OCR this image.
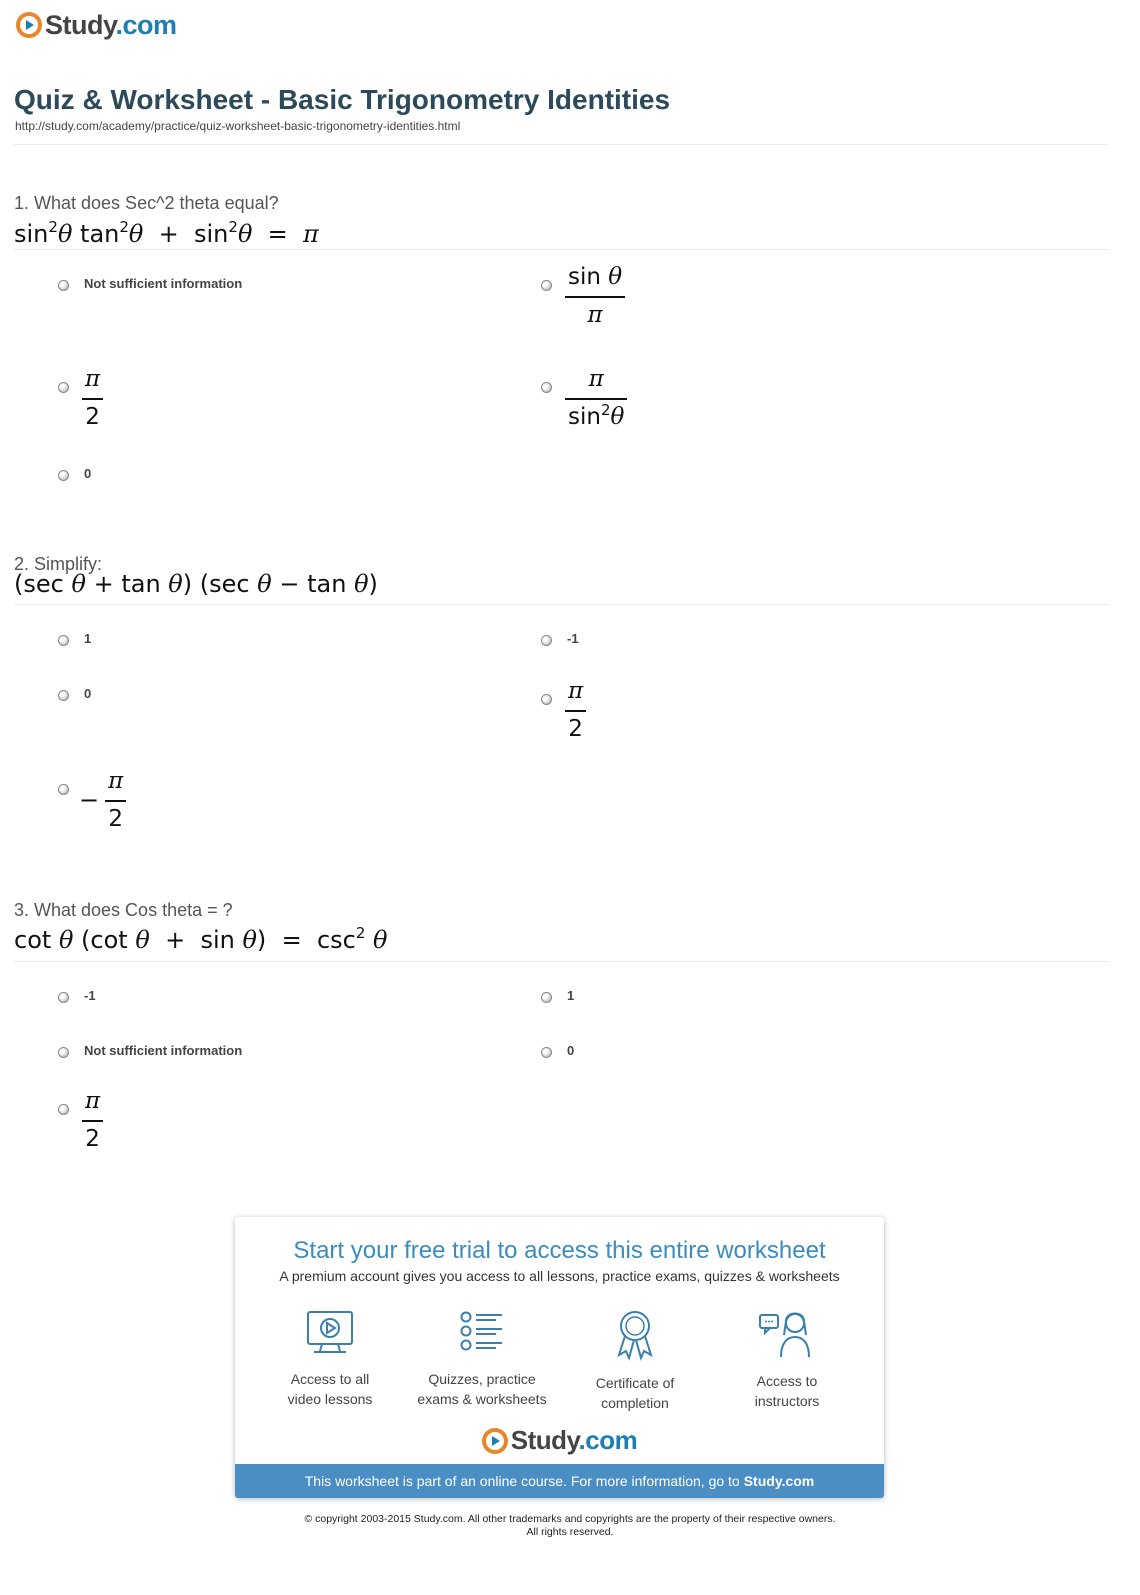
Study.com
Quiz & Worksheet - Basic Trigonometry Identities
http://study.com/academy/practice/quiz-worksheet-basic-trigonometry-identities.html
1. What does Sec^2 theta equal?
$\sin^2\theta$ $\tan^2\theta + \sin^2\theta = \pi$
Not sufficient information	$\frac{\text{sin θ}}{\pi}$
$\frac{\pi}{2}$	$\frac{\pi}{\sin^2\theta}$
0
2. Simplify:
(sec θ + tan θ) (sec θ − tan θ)
1	-1
0	$\frac{\pi}{2}$
− $\frac{\pi}{2}$
3. What does Cos theta = ?
cot θ (cot $\theta + \sin \theta) = \csc^2 \theta$
-1	1
Not sufficient information	0
$\frac{\pi}{2}$
Start your free trial to access this entire worksheet
A premium account gives you access to all lessons, practice exams, quizzes & worksheets
Access to all
video lessons
Quizzes, practice
exams & worksheets
Certificate of
completion
Access to
instructors
Study.com
This worksheet is part of an online course. For more information, go to Study.com
© copyright 2003-2015 Study.com. All other trademarks and copyrights are the property of their respective owners.
All rights reserved.
